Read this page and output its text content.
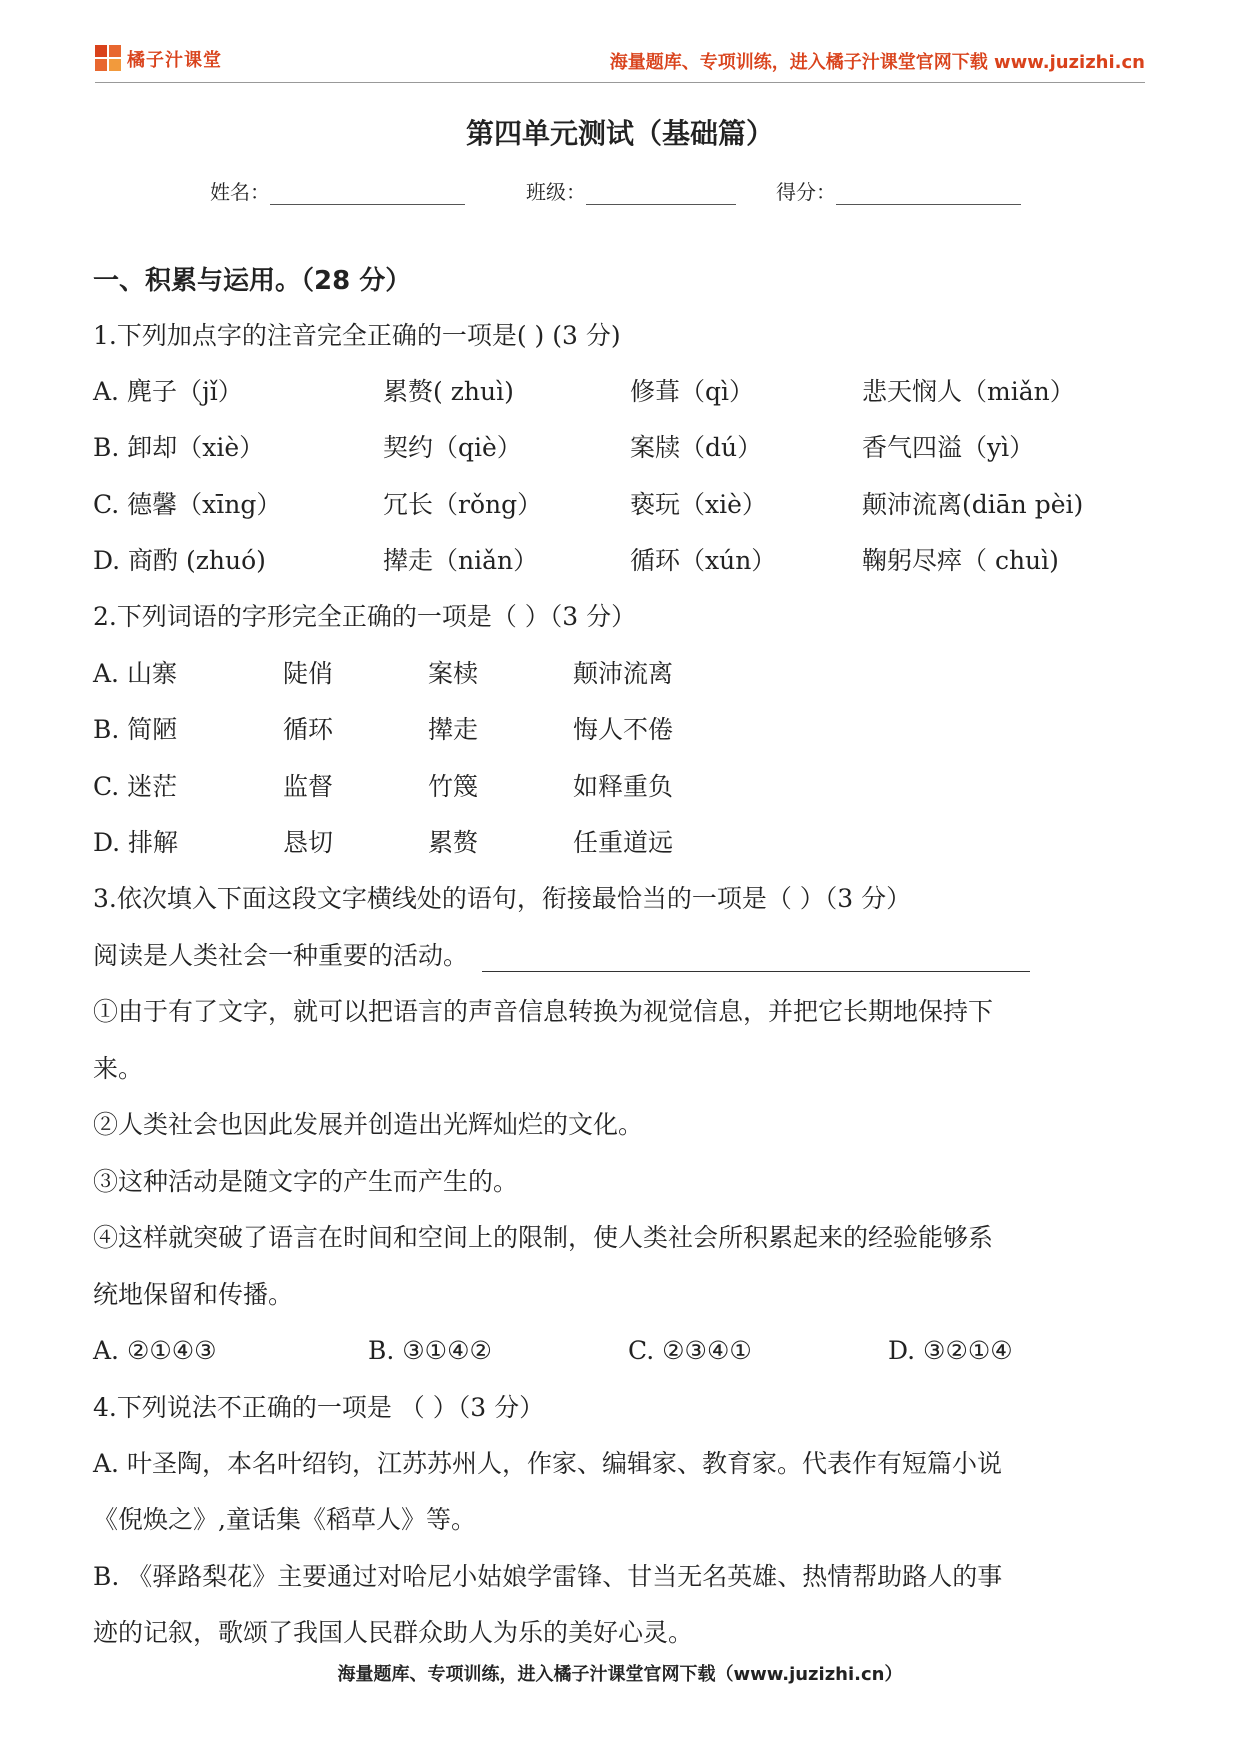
橘子汁课堂	海量题库、专项训练，进入橘子汁课堂官网下载 www.juzizhi.cn
第四单元测试（基础篇）
姓名：	班级：	得分：
一、积累与运用。（28 分）
1.下列加点字的注音完全正确的一项是( ) (3 分)
A. 麂子（jǐ）	累赘( zhuì)	修葺（qì）	悲天悯人（miǎn）
B. 卸却（xiè）	契约（qiè）	案牍（dú）	香气四溢（yì）
C. 德馨（xīng）	冗长（rǒng）	亵玩（xiè）	颠沛流离(diān pèi)
D. 商酌 (zhuó)	撵走（niǎn）	循环（xún）	鞠躬尽瘁（ chuì)
2.下列词语的字形完全正确的一项是（ ）（3 分）
A. 山寨	陡俏	案椟	颠沛流离
B. 简陋	循环	撵走	悔人不倦
C. 迷茫	监督	竹篾	如释重负
D. 排解	恳切	累赘	任重道远
3.依次填入下面这段文字横线处的语句，衔接最恰当的一项是（ ）（3 分）
阅读是人类社会一种重要的活动。
①由于有了文字，就可以把语言的声音信息转换为视觉信息，并把它长期地保持下
来。
②人类社会也因此发展并创造出光辉灿烂的文化。
③这种活动是随文字的产生而产生的。
④这样就突破了语言在时间和空间上的限制，使人类社会所积累起来的经验能够系
统地保留和传播。
A. ②①④③	B. ③①④②	C. ②③④①	D. ③②①④
4.下列说法不正确的一项是 （ ）（3 分）
A. 叶圣陶，本名叶绍钧，江苏苏州人，作家、编辑家、教育家。代表作有短篇小说
《倪焕之》,童话集《稻草人》等。
B. 《驿路梨花》主要通过对哈尼小姑娘学雷锋、甘当无名英雄、热情帮助路人的事
迹的记叙，歌颂了我国人民群众助人为乐的美好心灵。
海量题库、专项训练，进入橘子汁课堂官网下载（www.juzizhi.cn）
